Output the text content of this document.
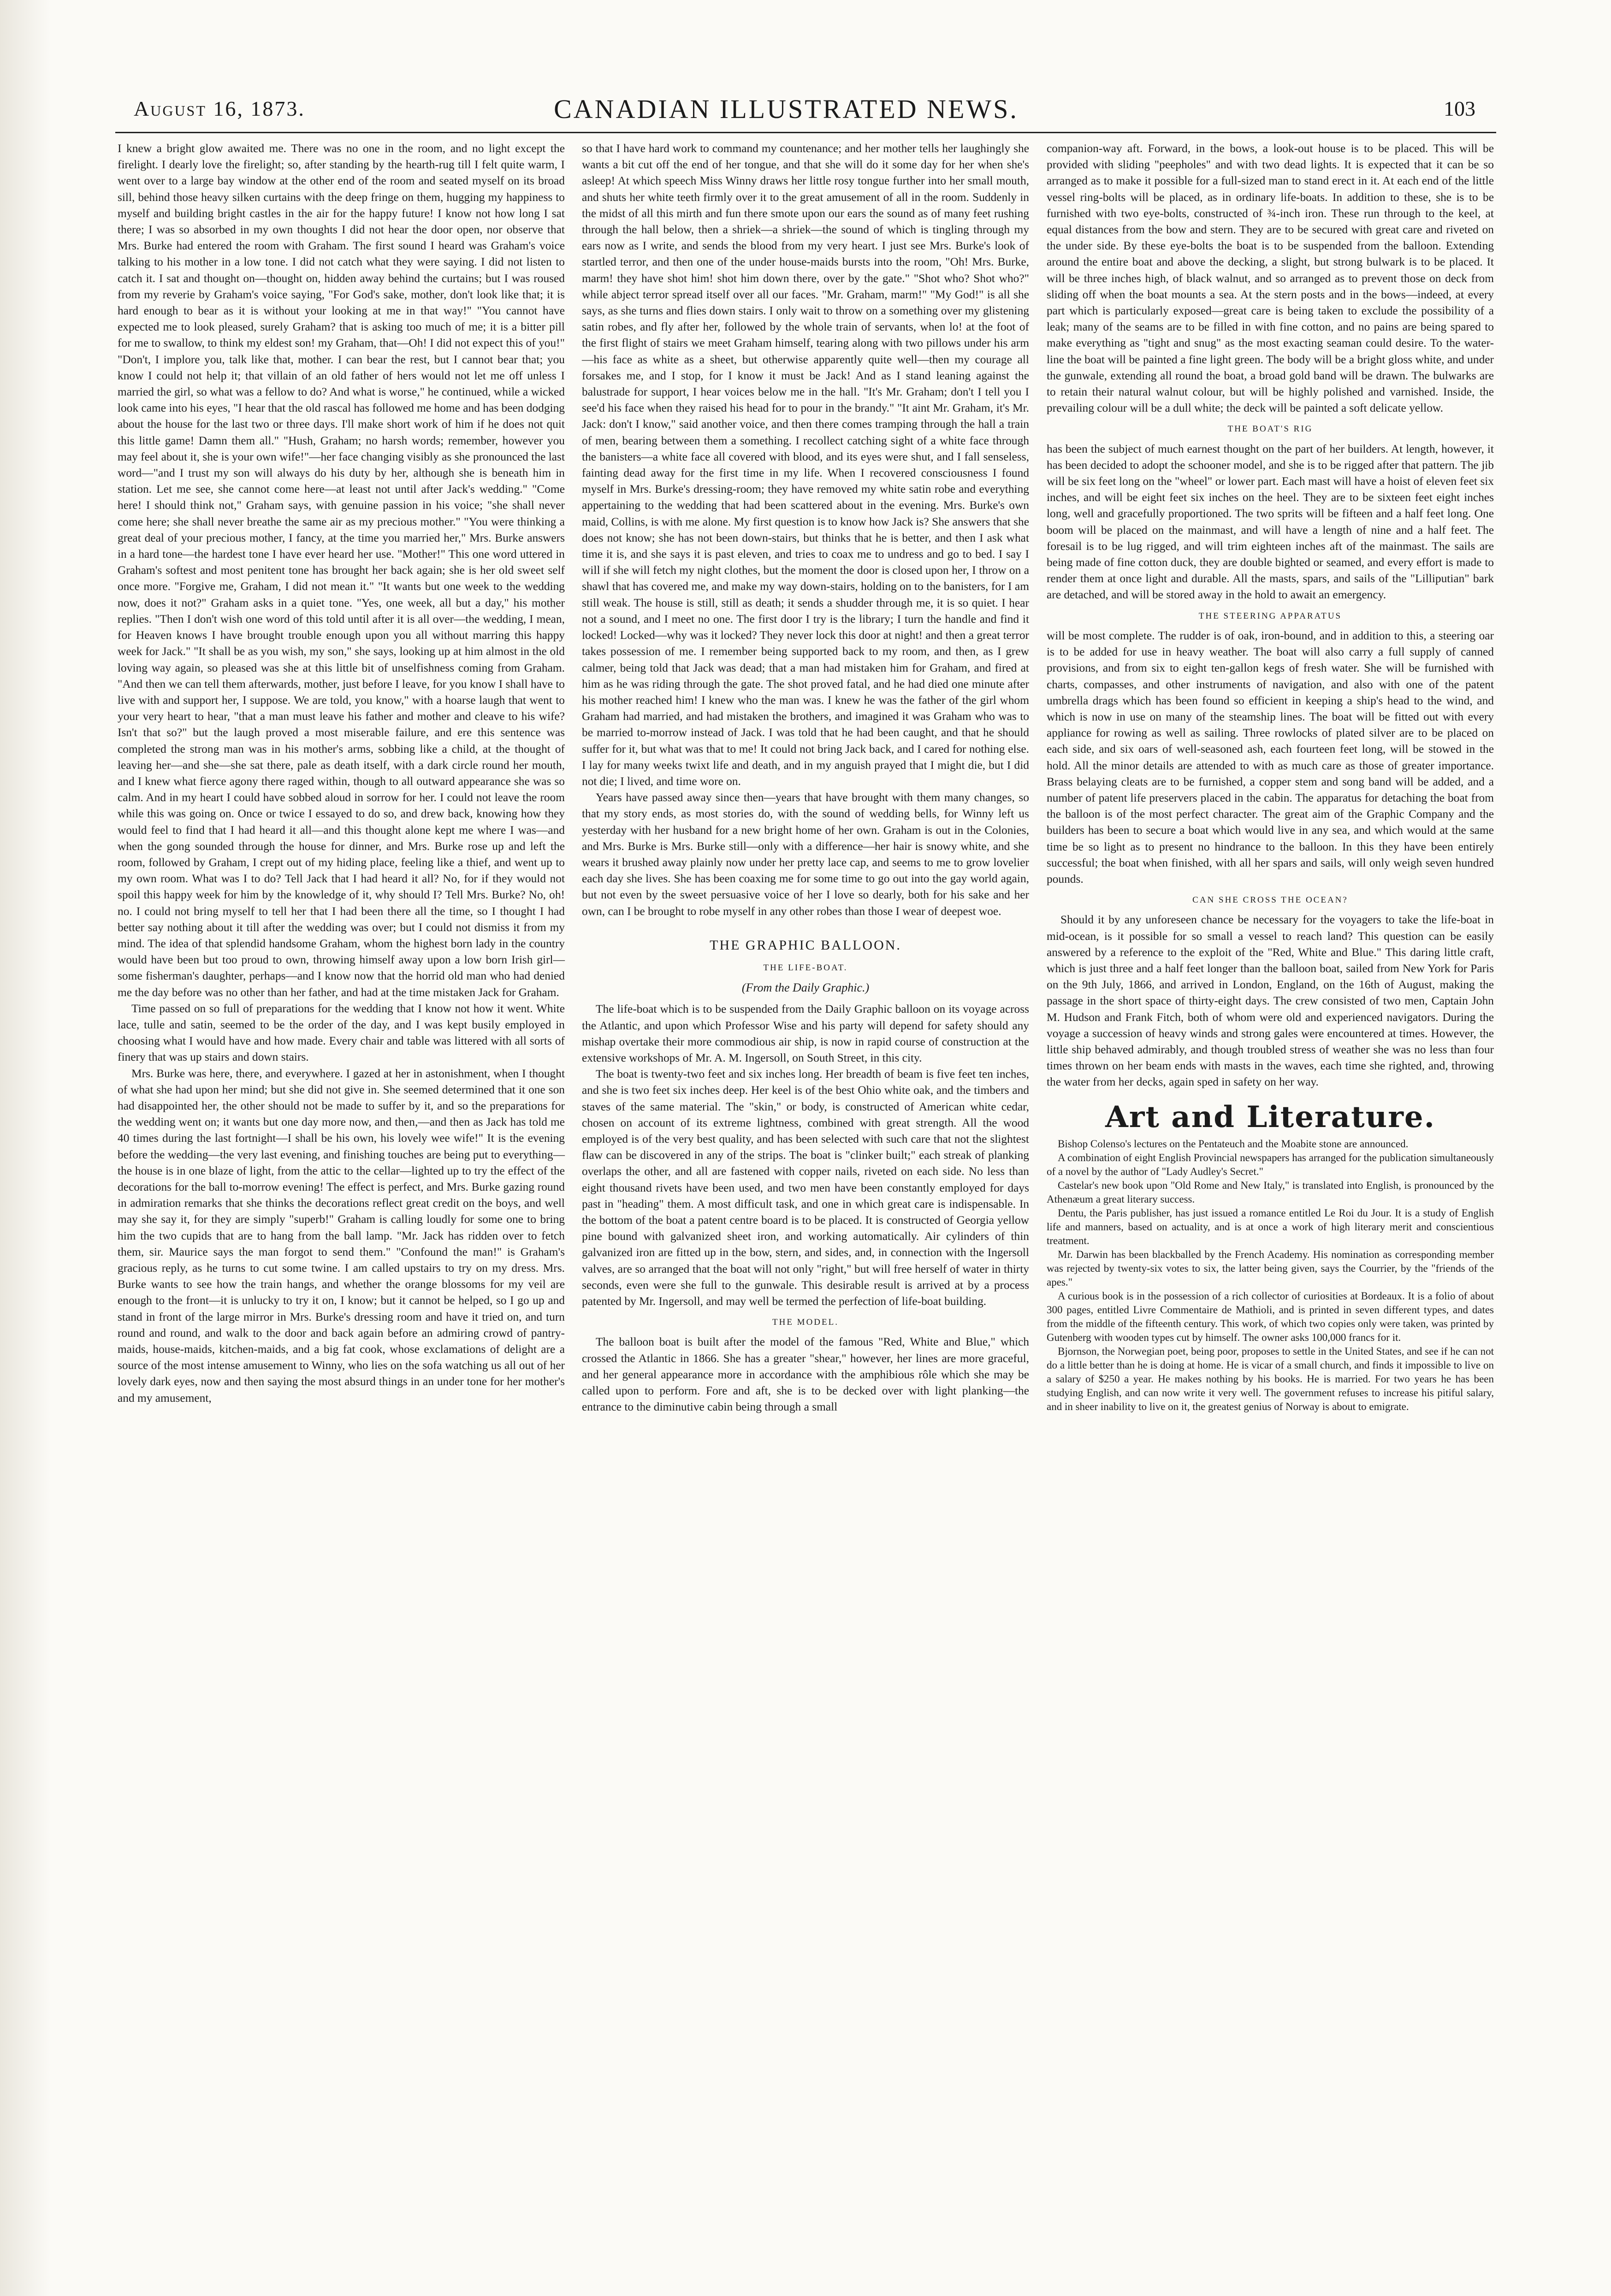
August 16, 1873.	CANADIAN ILLUSTRATED NEWS.	103

I knew a bright glow awaited me. There was no one in the room, and no light except the firelight. I dearly love the firelight; so, after standing by the hearth-rug till I felt quite warm, I went over to a large bay window at the other end of the room and seated myself on its broad sill, behind those heavy silken curtains with the deep fringe on them, hugging my happiness to myself and building bright castles in the air for the happy future! I know not how long I sat there; I was so absorbed in my own thoughts I did not hear the door open, nor observe that Mrs. Burke had entered the room with Graham. The first sound I heard was Graham's voice talking to his mother in a low tone. I did not catch what they were saying. I did not listen to catch it. I sat and thought on—thought on, hidden away behind the curtains; but I was roused from my reverie by Graham's voice saying, "For God's sake, mother, don't look like that; it is hard enough to bear as it is without your looking at me in that way!" "You cannot have expected me to look pleased, surely Graham? that is asking too much of me; it is a bitter pill for me to swallow, to think my eldest son! my Graham, that—Oh! I did not expect this of you!" "Don't, I implore you, talk like that, mother. I can bear the rest, but I cannot bear that; you know I could not help it; that villain of an old father of hers would not let me off unless I married the girl, so what was a fellow to do? And what is worse," he continued, while a wicked look came into his eyes, "I hear that the old rascal has followed me home and has been dodging about the house for the last two or three days. I'll make short work of him if he does not quit this little game! Damn them all." "Hush, Graham; no harsh words; remember, however you may feel about it, she is your own wife!"—her face changing visibly as she pronounced the last word—"and I trust my son will always do his duty by her, although she is beneath him in station. Let me see, she cannot come here—at least not until after Jack's wedding." "Come here! I should think not," Graham says, with genuine passion in his voice; "she shall never come here; she shall never breathe the same air as my precious mother." "You were thinking a great deal of your precious mother, I fancy, at the time you married her," Mrs. Burke answers in a hard tone—the hardest tone I have ever heard her use. "Mother!" This one word uttered in Graham's softest and most penitent tone has brought her back again; she is her old sweet self once more. "Forgive me, Graham, I did not mean it." "It wants but one week to the wedding now, does it not?" Graham asks in a quiet tone. "Yes, one week, all but a day," his mother replies. "Then I don't wish one word of this told until after it is all over—the wedding, I mean, for Heaven knows I have brought trouble enough upon you all without marring this happy week for Jack." "It shall be as you wish, my son," she says, looking up at him almost in the old loving way again, so pleased was she at this little bit of unselfishness coming from Graham. "And then we can tell them afterwards, mother, just before I leave, for you know I shall have to live with and support her, I suppose. We are told, you know," with a hoarse laugh that went to your very heart to hear, "that a man must leave his father and mother and cleave to his wife? Isn't that so?" but the laugh proved a most miserable failure, and ere this sentence was completed the strong man was in his mother's arms, sobbing like a child, at the thought of leaving her—and she—she sat there, pale as death itself, with a dark circle round her mouth, and I knew what fierce agony there raged within, though to all outward appearance she was so calm. And in my heart I could have sobbed aloud in sorrow for her. I could not leave the room while this was going on. Once or twice I essayed to do so, and drew back, knowing how they would feel to find that I had heard it all—and this thought alone kept me where I was—and when the gong sounded through the house for dinner, and Mrs. Burke rose up and left the room, followed by Graham, I crept out of my hiding place, feeling like a thief, and went up to my own room. What was I to do? Tell Jack that I had heard it all? No, for if they would not spoil this happy week for him by the knowledge of it, why should I? Tell Mrs. Burke? No, oh! no. I could not bring myself to tell her that I had been there all the time, so I thought I had better say nothing about it till after the wedding was over; but I could not dismiss it from my mind. The idea of that splendid handsome Graham, whom the highest born lady in the country would have been but too proud to own, throwing himself away upon a low born Irish girl—some fisherman's daughter, perhaps—and I know now that the horrid old man who had denied me the day before was no other than her father, and had at the time mistaken Jack for Graham.

Time passed on so full of preparations for the wedding that I know not how it went. White lace, tulle and satin, seemed to be the order of the day, and I was kept busily employed in choosing what I would have and how made. Every chair and table was littered with all sorts of finery that was up stairs and down stairs.

Mrs. Burke was here, there, and everywhere. I gazed at her in astonishment, when I thought of what she had upon her mind; but she did not give in. She seemed determined that it one son had disappointed her, the other should not be made to suffer by it, and so the preparations for the wedding went on; it wants but one day more now, and then,—and then as Jack has told me 40 times during the last fortnight—I shall be his own, his lovely wee wife!" It is the evening before the wedding—the very last evening, and finishing touches are being put to everything—the house is in one blaze of light, from the attic to the cellar—lighted up to try the effect of the decorations for the ball to-morrow evening! The effect is perfect, and Mrs. Burke gazing round in admiration remarks that she thinks the decorations reflect great credit on the boys, and well may she say it, for they are simply "superb!" Graham is calling loudly for some one to bring him the two cupids that are to hang from the ball lamp. "Mr. Jack has ridden over to fetch them, sir. Maurice says the man forgot to send them." "Confound the man!" is Graham's gracious reply, as he turns to cut some twine. I am called upstairs to try on my dress. Mrs. Burke wants to see how the train hangs, and whether the orange blossoms for my veil are enough to the front—it is unlucky to try it on, I know; but it cannot be helped, so I go up and stand in front of the large mirror in Mrs. Burke's dressing room and have it tried on, and turn round and round, and walk to the door and back again before an admiring crowd of pantry-maids, house-maids, kitchen-maids, and a big fat cook, whose exclamations of delight are a source of the most intense amusement to Winny, who lies on the sofa watching us all out of her lovely dark eyes, now and then saying the most absurd things in an under tone for her mother's and my amusement,

so that I have hard work to command my countenance; and her mother tells her laughingly she wants a bit cut off the end of her tongue, and that she will do it some day for her when she's asleep! At which speech Miss Winny draws her little rosy tongue further into her small mouth, and shuts her white teeth firmly over it to the great amusement of all in the room. Suddenly in the midst of all this mirth and fun there smote upon our ears the sound as of many feet rushing through the hall below, then a shriek—a shriek—the sound of which is tingling through my ears now as I write, and sends the blood from my very heart. I just see Mrs. Burke's look of startled terror, and then one of the under house-maids bursts into the room, "Oh! Mrs. Burke, marm! they have shot him! shot him down there, over by the gate." "Shot who? Shot who?" while abject terror spread itself over all our faces. "Mr. Graham, marm!" "My God!" is all she says, as she turns and flies down stairs. I only wait to throw on a something over my glistening satin robes, and fly after her, followed by the whole train of servants, when lo! at the foot of the first flight of stairs we meet Graham himself, tearing along with two pillows under his arm—his face as white as a sheet, but otherwise apparently quite well—then my courage all forsakes me, and I stop, for I know it must be Jack! And as I stand leaning against the balustrade for support, I hear voices below me in the hall. "It's Mr. Graham; don't I tell you I see'd his face when they raised his head for to pour in the brandy." "It aint Mr. Graham, it's Mr. Jack: don't I know," said another voice, and then there comes tramping through the hall a train of men, bearing between them a something. I recollect catching sight of a white face through the banisters—a white face all covered with blood, and its eyes were shut, and I fall senseless, fainting dead away for the first time in my life. When I recovered consciousness I found myself in Mrs. Burke's dressing-room; they have removed my white satin robe and everything appertaining to the wedding that had been scattered about in the evening. Mrs. Burke's own maid, Collins, is with me alone. My first question is to know how Jack is? She answers that she does not know; she has not been down-stairs, but thinks that he is better, and then I ask what time it is, and she says it is past eleven, and tries to coax me to undress and go to bed. I say I will if she will fetch my night clothes, but the moment the door is closed upon her, I throw on a shawl that has covered me, and make my way down-stairs, holding on to the banisters, for I am still weak. The house is still, still as death; it sends a shudder through me, it is so quiet. I hear not a sound, and I meet no one. The first door I try is the library; I turn the handle and find it locked! Locked—why was it locked? They never lock this door at night! and then a great terror takes possession of me. I remember being supported back to my room, and then, as I grew calmer, being told that Jack was dead; that a man had mistaken him for Graham, and fired at him as he was riding through the gate. The shot proved fatal, and he had died one minute after his mother reached him! I knew who the man was. I knew he was the father of the girl whom Graham had married, and had mistaken the brothers, and imagined it was Graham who was to be married to-morrow instead of Jack. I was told that he had been caught, and that he should suffer for it, but what was that to me! It could not bring Jack back, and I cared for nothing else. I lay for many weeks twixt life and death, and in my anguish prayed that I might die, but I did not die; I lived, and time wore on.

Years have passed away since then—years that have brought with them many changes, so that my story ends, as most stories do, with the sound of wedding bells, for Winny left us yesterday with her husband for a new bright home of her own. Graham is out in the Colonies, and Mrs. Burke is Mrs. Burke still—only with a difference—her hair is snowy white, and she wears it brushed away plainly now under her pretty lace cap, and seems to me to grow lovelier each day she lives. She has been coaxing me for some time to go out into the gay world again, but not even by the sweet persuasive voice of her I love so dearly, both for his sake and her own, can I be brought to robe myself in any other robes than those I wear of deepest woe.

THE GRAPHIC BALLOON.
THE LIFE-BOAT.
(From the Daily Graphic.)

The life-boat which is to be suspended from the Daily Graphic balloon on its voyage across the Atlantic, and upon which Professor Wise and his party will depend for safety should any mishap overtake their more commodious air ship, is now in rapid course of construction at the extensive workshops of Mr. A. M. Ingersoll, on South Street, in this city.

The boat is twenty-two feet and six inches long. Her breadth of beam is five feet ten inches, and she is two feet six inches deep. Her keel is of the best Ohio white oak, and the timbers and staves of the same material. The "skin," or body, is constructed of American white cedar, chosen on account of its extreme lightness, combined with great strength. All the wood employed is of the very best quality, and has been selected with such care that not the slightest flaw can be discovered in any of the strips. The boat is "clinker built;" each streak of planking overlaps the other, and all are fastened with copper nails, riveted on each side. No less than eight thousand rivets have been used, and two men have been constantly employed for days past in "heading" them. A most difficult task, and one in which great care is indispensable. In the bottom of the boat a patent centre board is to be placed. It is constructed of Georgia yellow pine bound with galvanized sheet iron, and working automatically. Air cylinders of thin galvanized iron are fitted up in the bow, stern, and sides, and, in connection with the Ingersoll valves, are so arranged that the boat will not only "right," but will free herself of water in thirty seconds, even were she full to the gunwale. This desirable result is arrived at by a process patented by Mr. Ingersoll, and may well be termed the perfection of life-boat building.

THE MODEL.

The balloon boat is built after the model of the famous "Red, White and Blue," which crossed the Atlantic in 1866. She has a greater "shear," however, her lines are more graceful, and her general appearance more in accordance with the amphibious rôle which she may be called upon to perform. Fore and aft, she is to be decked over with light planking—the entrance to the diminutive cabin being through a small

companion-way aft. Forward, in the bows, a look-out house is to be placed. This will be provided with sliding "peepholes" and with two dead lights. It is expected that it can be so arranged as to make it possible for a full-sized man to stand erect in it. At each end of the little vessel ring-bolts will be placed, as in ordinary life-boats. In addition to these, she is to be furnished with two eye-bolts, constructed of ¾-inch iron. These run through to the keel, at equal distances from the bow and stern. They are to be secured with great care and riveted on the under side. By these eye-bolts the boat is to be suspended from the balloon. Extending around the entire boat and above the decking, a slight, but strong bulwark is to be placed. It will be three inches high, of black walnut, and so arranged as to prevent those on deck from sliding off when the boat mounts a sea. At the stern posts and in the bows—indeed, at every part which is particularly exposed—great care is being taken to exclude the possibility of a leak; many of the seams are to be filled in with fine cotton, and no pains are being spared to make everything as "tight and snug" as the most exacting seaman could desire. To the water-line the boat will be painted a fine light green. The body will be a bright gloss white, and under the gunwale, extending all round the boat, a broad gold band will be drawn. The bulwarks are to retain their natural walnut colour, but will be highly polished and varnished. Inside, the prevailing colour will be a dull white; the deck will be painted a soft delicate yellow.

THE BOAT'S RIG

has been the subject of much earnest thought on the part of her builders. At length, however, it has been decided to adopt the schooner model, and she is to be rigged after that pattern. The jib will be six feet long on the "wheel" or lower part. Each mast will have a hoist of eleven feet six inches, and will be eight feet six inches on the heel. They are to be sixteen feet eight inches long, well and gracefully proportioned. The two sprits will be fifteen and a half feet long. One boom will be placed on the mainmast, and will have a length of nine and a half feet. The foresail is to be lug rigged, and will trim eighteen inches aft of the mainmast. The sails are being made of fine cotton duck, they are double bighted or seamed, and every effort is made to render them at once light and durable. All the masts, spars, and sails of the "Lilliputian" bark are detached, and will be stored away in the hold to await an emergency.

THE STEERING APPARATUS

will be most complete. The rudder is of oak, iron-bound, and in addition to this, a steering oar is to be added for use in heavy weather. The boat will also carry a full supply of canned provisions, and from six to eight ten-gallon kegs of fresh water. She will be furnished with charts, compasses, and other instruments of navigation, and also with one of the patent umbrella drags which has been found so efficient in keeping a ship's head to the wind, and which is now in use on many of the steamship lines. The boat will be fitted out with every appliance for rowing as well as sailing. Three rowlocks of plated silver are to be placed on each side, and six oars of well-seasoned ash, each fourteen feet long, will be stowed in the hold. All the minor details are attended to with as much care as those of greater importance. Brass belaying cleats are to be furnished, a copper stem and song band will be added, and a number of patent life preservers placed in the cabin. The apparatus for detaching the boat from the balloon is of the most perfect character. The great aim of the Graphic Company and the builders has been to secure a boat which would live in any sea, and which would at the same time be so light as to present no hindrance to the balloon. In this they have been entirely successful; the boat when finished, with all her spars and sails, will only weigh seven hundred pounds.

CAN SHE CROSS THE OCEAN?

Should it by any unforeseen chance be necessary for the voyagers to take the life-boat in mid-ocean, is it possible for so small a vessel to reach land? This question can be easily answered by a reference to the exploit of the "Red, White and Blue." This daring little craft, which is just three and a half feet longer than the balloon boat, sailed from New York for Paris on the 9th July, 1866, and arrived in London, England, on the 16th of August, making the passage in the short space of thirty-eight days. The crew consisted of two men, Captain John M. Hudson and Frank Fitch, both of whom were old and experienced navigators. During the voyage a succession of heavy winds and strong gales were encountered at times. However, the little ship behaved admirably, and though troubled stress of weather she was no less than four times thrown on her beam ends with masts in the waves, each time she righted, and, throwing the water from her decks, again sped in safety on her way.

Art and Literature.

Bishop Colenso's lectures on the Pentateuch and the Moabite stone are announced.

A combination of eight English Provincial newspapers has arranged for the publication simultaneously of a novel by the author of "Lady Audley's Secret."

Castelar's new book upon "Old Rome and New Italy," is translated into English, is pronounced by the Athenæum a great literary success.

Dentu, the Paris publisher, has just issued a romance entitled Le Roi du Jour. It is a study of English life and manners, based on actuality, and is at once a work of high literary merit and conscientious treatment.

Mr. Darwin has been blackballed by the French Academy. His nomination as corresponding member was rejected by twenty-six votes to six, the latter being given, says the Courrier, by the "friends of the apes."

A curious book is in the possession of a rich collector of curiosities at Bordeaux. It is a folio of about 300 pages, entitled Livre Commentaire de Mathioli, and is printed in seven different types, and dates from the middle of the fifteenth century. This work, of which two copies only were taken, was printed by Gutenberg with wooden types cut by himself. The owner asks 100,000 francs for it.

Bjornson, the Norwegian poet, being poor, proposes to settle in the United States, and see if he can not do a little better than he is doing at home. He is vicar of a small church, and finds it impossible to live on a salary of $250 a year. He makes nothing by his books. He is married. For two years he has been studying English, and can now write it very well. The government refuses to increase his pitiful salary, and in sheer inability to live on it, the greatest genius of Norway is about to emigrate.
